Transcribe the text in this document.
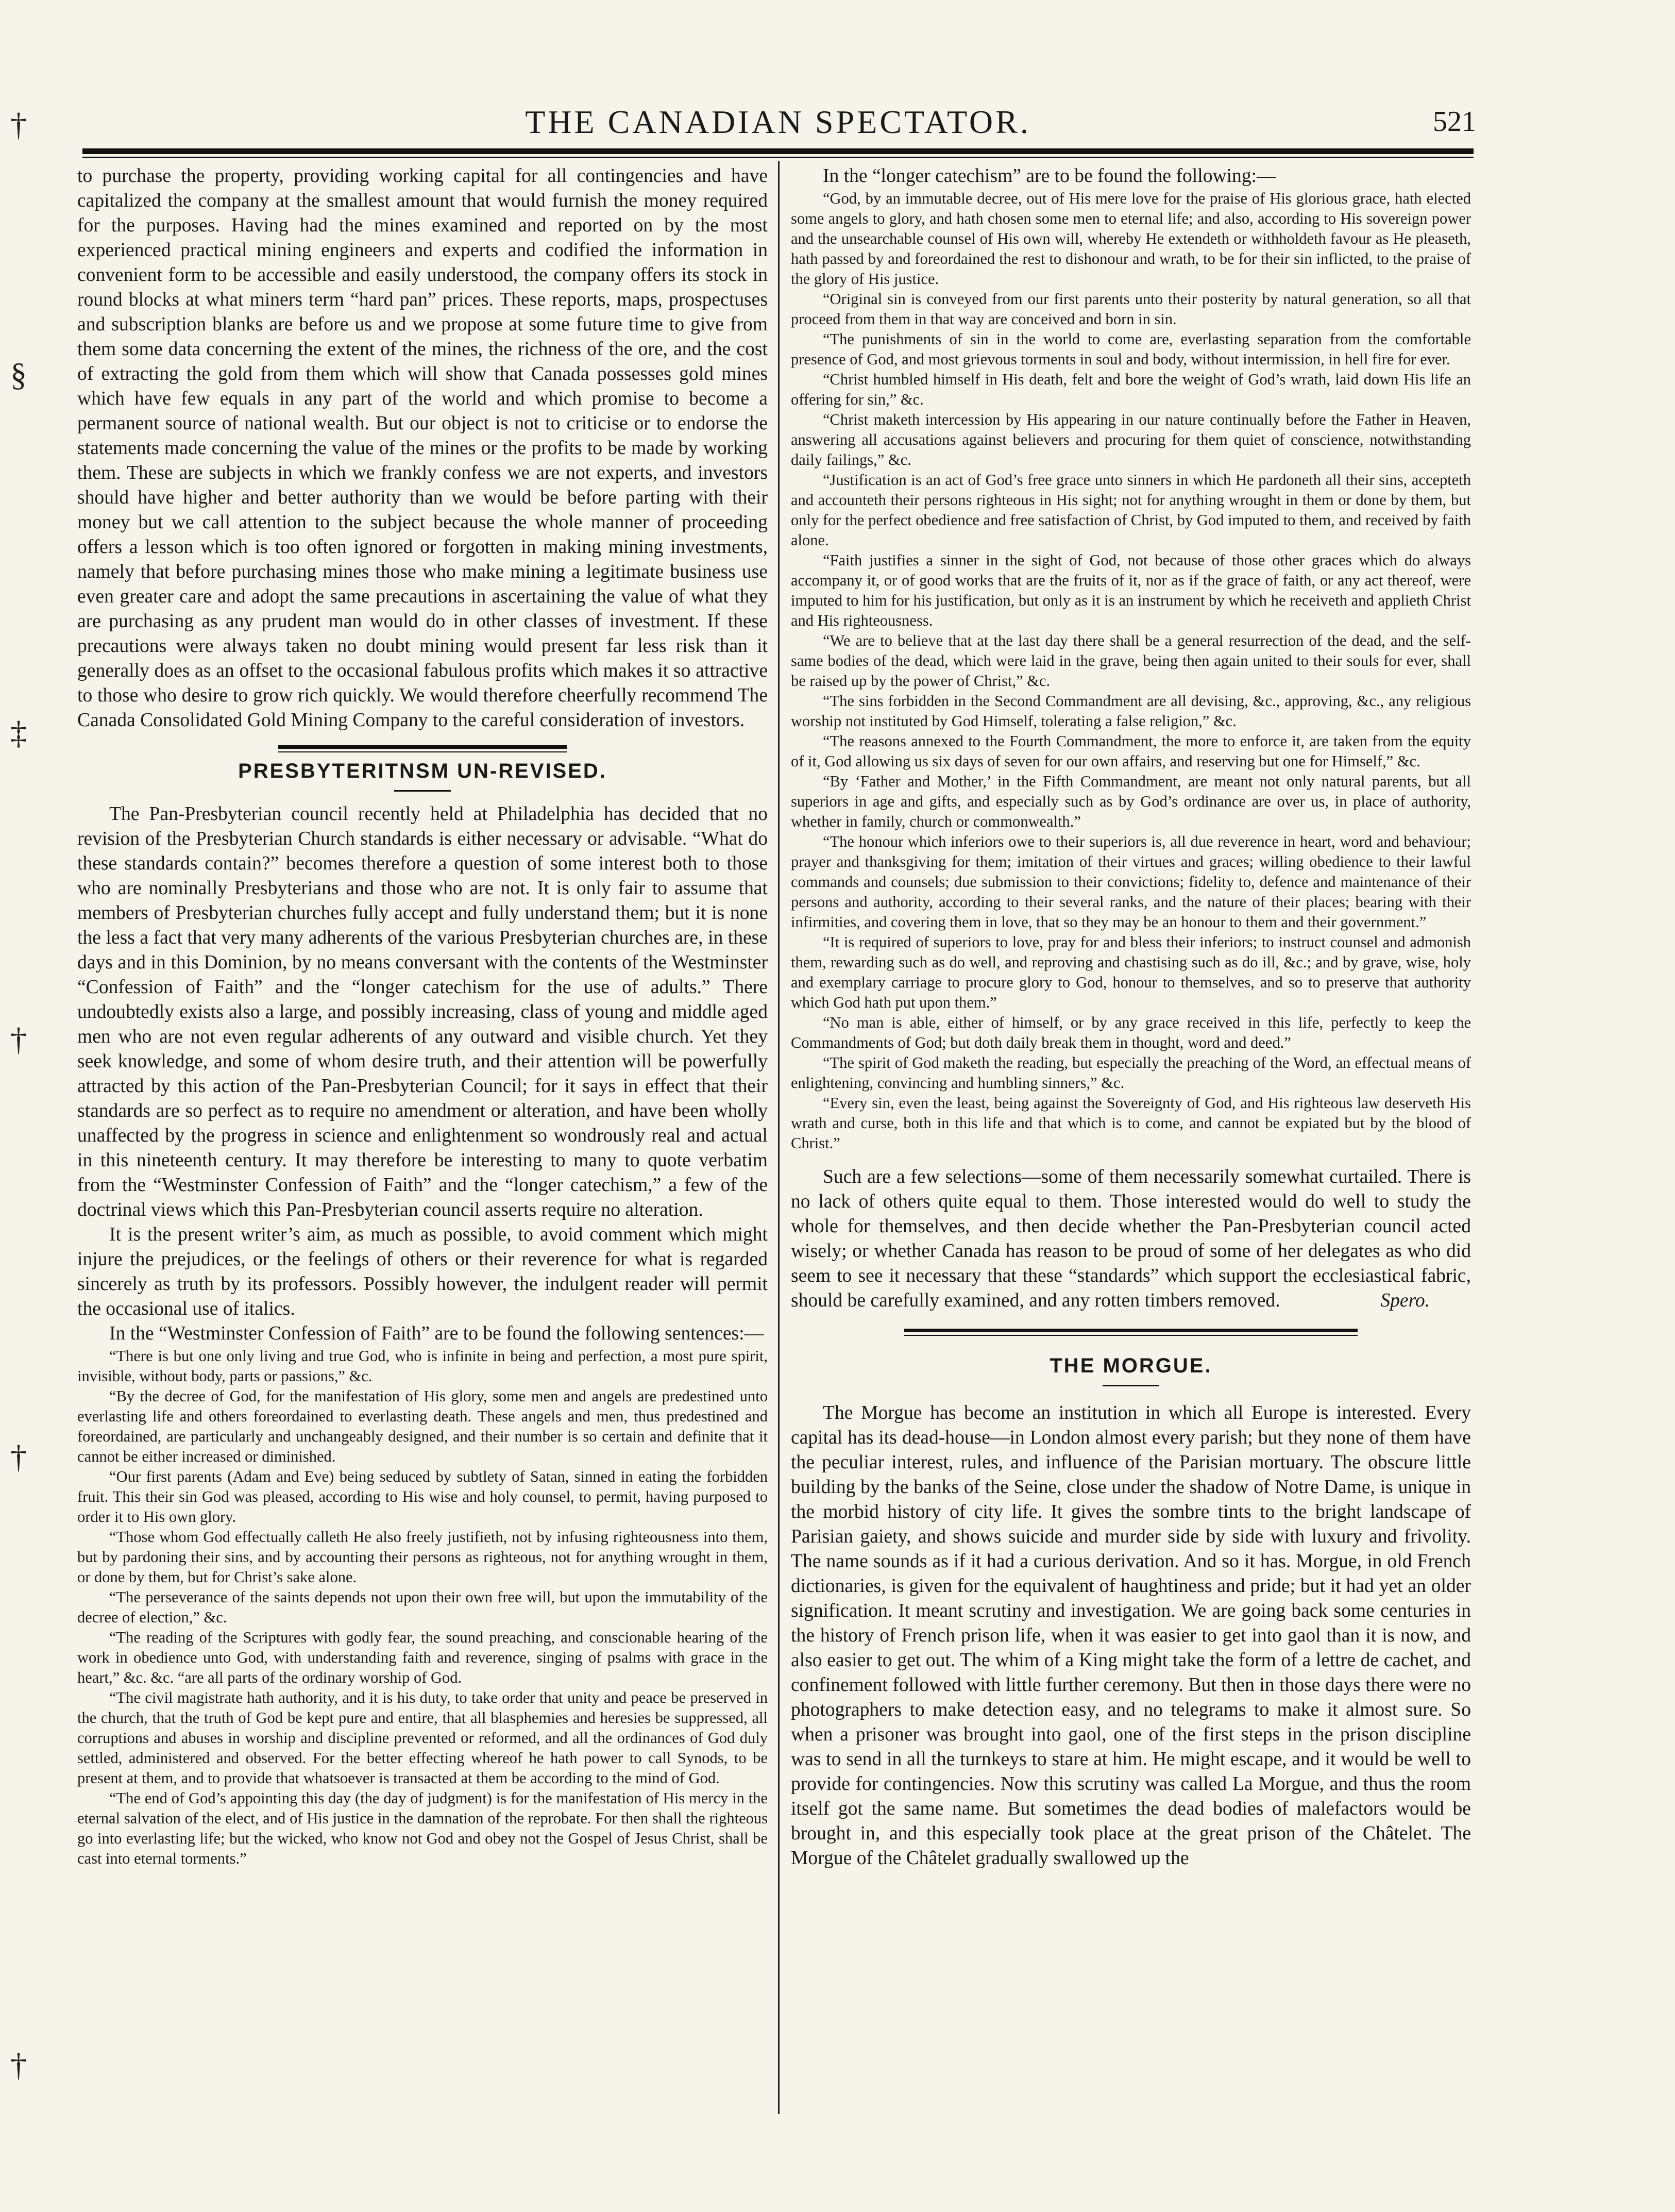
THE CANADIAN SPECTATOR.	521
†
§
‡
†
†
†

to purchase the property, providing working capital for all contingencies and have capitalized the company at the smallest amount that would furnish the money required for the purposes. Having had the mines examined and reported on by the most experienced practical mining engineers and experts and codified the information in convenient form to be accessible and easily understood, the company offers its stock in round blocks at what miners term “hard pan” prices. These reports, maps, prospectuses and subscription blanks are before us and we propose at some future time to give from them some data concerning the extent of the mines, the richness of the ore, and the cost of extracting the gold from them which will show that Canada possesses gold mines which have few equals in any part of the world and which promise to become a permanent source of national wealth. But our object is not to criticise or to endorse the statements made concerning the value of the mines or the profits to be made by working them. These are subjects in which we frankly confess we are not experts, and investors should have higher and better authority than we would be before parting with their money but we call attention to the subject because the whole manner of proceeding offers a lesson which is too often ignored or forgotten in making mining investments, namely that before purchasing mines those who make mining a legitimate business use even greater care and adopt the same precautions in ascertaining the value of what they are purchasing as any prudent man would do in other classes of investment. If these precautions were always taken no doubt mining would present far less risk than it generally does as an offset to the occasional fabulous profits which makes it so attractive to those who desire to grow rich quickly. We would therefore cheerfully recommend The Canada Consolidated Gold Mining Company to the careful consideration of investors.

PRESBYTERITNSM UN-REVISED.

The Pan-Presbyterian council recently held at Philadelphia has decided that no revision of the Presbyterian Church standards is either necessary or advisable. “What do these standards contain?” becomes therefore a question of some interest both to those who are nominally Presbyterians and those who are not. It is only fair to assume that members of Presbyterian churches fully accept and fully understand them; but it is none the less a fact that very many adherents of the various Presbyterian churches are, in these days and in this Dominion, by no means conversant with the contents of the Westminster “Confession of Faith” and the “longer catechism for the use of adults.” There undoubtedly exists also a large, and possibly increasing, class of young and middle aged men who are not even regular adherents of any outward and visible church. Yet they seek knowledge, and some of whom desire truth, and their attention will be powerfully attracted by this action of the Pan-Presbyterian Council; for it says in effect that their standards are so perfect as to require no amendment or alteration, and have been wholly unaffected by the progress in science and enlightenment so wondrously real and actual in this nineteenth century. It may therefore be interesting to many to quote verbatim from the “Westminster Confession of Faith” and the “longer catechism,” a few of the doctrinal views which this Pan-Presbyterian council asserts require no alteration.

It is the present writer’s aim, as much as possible, to avoid comment which might injure the prejudices, or the feelings of others or their reverence for what is regarded sincerely as truth by its professors. Possibly however, the indulgent reader will permit the occasional use of italics.

In the “Westminster Confession of Faith” are to be found the following sentences:—

“There is but one only living and true God, who is infinite in being and perfection, a most pure spirit, invisible, without body, parts or passions,” &c.

“By the decree of God, for the manifestation of His glory, some men and angels are predestined unto everlasting life and others foreordained to everlasting death. These angels and men, thus predestined and foreordained, are particularly and unchangeably designed, and their number is so certain and definite that it cannot be either increased or diminished.

“Our first parents (Adam and Eve) being seduced by subtlety of Satan, sinned in eating the forbidden fruit. This their sin God was pleased, according to His wise and holy counsel, to permit, having purposed to order it to His own glory.

“Those whom God effectually calleth He also freely justifieth, not by infusing righteousness into them, but by pardoning their sins, and by accounting their persons as righteous, not for anything wrought in them, or done by them, but for Christ’s sake alone.

“The perseverance of the saints depends not upon their own free will, but upon the immutability of the decree of election,” &c.

“The reading of the Scriptures with godly fear, the sound preaching, and conscionable hearing of the work in obedience unto God, with understanding faith and reverence, singing of psalms with grace in the heart,” &c. &c. “are all parts of the ordinary worship of God.

“The civil magistrate hath authority, and it is his duty, to take order that unity and peace be preserved in the church, that the truth of God be kept pure and entire, that all blasphemies and heresies be suppressed, all corruptions and abuses in worship and discipline prevented or reformed, and all the ordinances of God duly settled, administered and observed. For the better effecting whereof he hath power to call Synods, to be present at them, and to provide that whatsoever is transacted at them be according to the mind of God.

“The end of God’s appointing this day (the day of judgment) is for the manifestation of His mercy in the eternal salvation of the elect, and of His justice in the damnation of the reprobate. For then shall the righteous go into everlasting life; but the wicked, who know not God and obey not the Gospel of Jesus Christ, shall be cast into eternal torments.”

In the “longer catechism” are to be found the following:—

“God, by an immutable decree, out of His mere love for the praise of His glorious grace, hath elected some angels to glory, and hath chosen some men to eternal life; and also, according to His sovereign power and the unsearchable counsel of His own will, whereby He extendeth or withholdeth favour as He pleaseth, hath passed by and foreordained the rest to dishonour and wrath, to be for their sin inflicted, to the praise of the glory of His justice.

“Original sin is conveyed from our first parents unto their posterity by natural generation, so all that proceed from them in that way are conceived and born in sin.

“The punishments of sin in the world to come are, everlasting separation from the comfortable presence of God, and most grievous torments in soul and body, without intermission, in hell fire for ever.

“Christ humbled himself in His death, felt and bore the weight of God’s wrath, laid down His life an offering for sin,” &c.

“Christ maketh intercession by His appearing in our nature continually before the Father in Heaven, answering all accusations against believers and procuring for them quiet of conscience, notwithstanding daily failings,” &c.

“Justification is an act of God’s free grace unto sinners in which He pardoneth all their sins, accepteth and accounteth their persons righteous in His sight; not for anything wrought in them or done by them, but only for the perfect obedience and free satisfaction of Christ, by God imputed to them, and received by faith alone.

“Faith justifies a sinner in the sight of God, not because of those other graces which do always accompany it, or of good works that are the fruits of it, nor as if the grace of faith, or any act thereof, were imputed to him for his justification, but only as it is an instrument by which he receiveth and applieth Christ and His righteousness.

“We are to believe that at the last day there shall be a general resurrection of the dead, and the self-same bodies of the dead, which were laid in the grave, being then again united to their souls for ever, shall be raised up by the power of Christ,” &c.

“The sins forbidden in the Second Commandment are all devising, &c., approving, &c., any religious worship not instituted by God Himself, tolerating a false religion,” &c.

“The reasons annexed to the Fourth Commandment, the more to enforce it, are taken from the equity of it, God allowing us six days of seven for our own affairs, and reserving but one for Himself,” &c.

“By ‘Father and Mother,’ in the Fifth Commandment, are meant not only natural parents, but all superiors in age and gifts, and especially such as by God’s ordinance are over us, in place of authority, whether in family, church or commonwealth.”

“The honour which inferiors owe to their superiors is, all due reverence in heart, word and behaviour; prayer and thanksgiving for them; imitation of their virtues and graces; willing obedience to their lawful commands and counsels; due submission to their convictions; fidelity to, defence and maintenance of their persons and authority, according to their several ranks, and the nature of their places; bearing with their infirmities, and covering them in love, that so they may be an honour to them and their government.”

“It is required of superiors to love, pray for and bless their inferiors; to instruct counsel and admonish them, rewarding such as do well, and reproving and chastising such as do ill, &c.; and by grave, wise, holy and exemplary carriage to procure glory to God, honour to themselves, and so to preserve that authority which God hath put upon them.”

“No man is able, either of himself, or by any grace received in this life, perfectly to keep the Commandments of God; but doth daily break them in thought, word and deed.”

“The spirit of God maketh the reading, but especially the preaching of the Word, an effectual means of enlightening, convincing and humbling sinners,” &c.

“Every sin, even the least, being against the Sovereignty of God, and His righteous law deserveth His wrath and curse, both in this life and that which is to come, and cannot be expiated but by the blood of Christ.”

Such are a few selections—some of them necessarily somewhat curtailed. There is no lack of others quite equal to them. Those interested would do well to study the whole for themselves, and then decide whether the Pan-Presbyterian council acted wisely; or whether Canada has reason to be proud of some of her delegates as who did seem to see it necessary that these “standards” which support the ecclesiastical fabric, should be carefully examined, and any rotten timbers removed.	Spero.

THE MORGUE.

The Morgue has become an institution in which all Europe is interested. Every capital has its dead-house—in London almost every parish; but they none of them have the peculiar interest, rules, and influence of the Parisian mortuary. The obscure little building by the banks of the Seine, close under the shadow of Notre Dame, is unique in the morbid history of city life. It gives the sombre tints to the bright landscape of Parisian gaiety, and shows suicide and murder side by side with luxury and frivolity. The name sounds as if it had a curious derivation. And so it has. Morgue, in old French dictionaries, is given for the equivalent of haughtiness and pride; but it had yet an older signification. It meant scrutiny and investigation. We are going back some centuries in the history of French prison life, when it was easier to get into gaol than it is now, and also easier to get out. The whim of a King might take the form of a lettre de cachet, and confinement followed with little further ceremony. But then in those days there were no photographers to make detection easy, and no telegrams to make it almost sure. So when a prisoner was brought into gaol, one of the first steps in the prison discipline was to send in all the turnkeys to stare at him. He might escape, and it would be well to provide for contingencies. Now this scrutiny was called La Morgue, and thus the room itself got the same name. But sometimes the dead bodies of malefactors would be brought in, and this especially took place at the great prison of the Châtelet. The Morgue of the Châtelet gradually swallowed up the
